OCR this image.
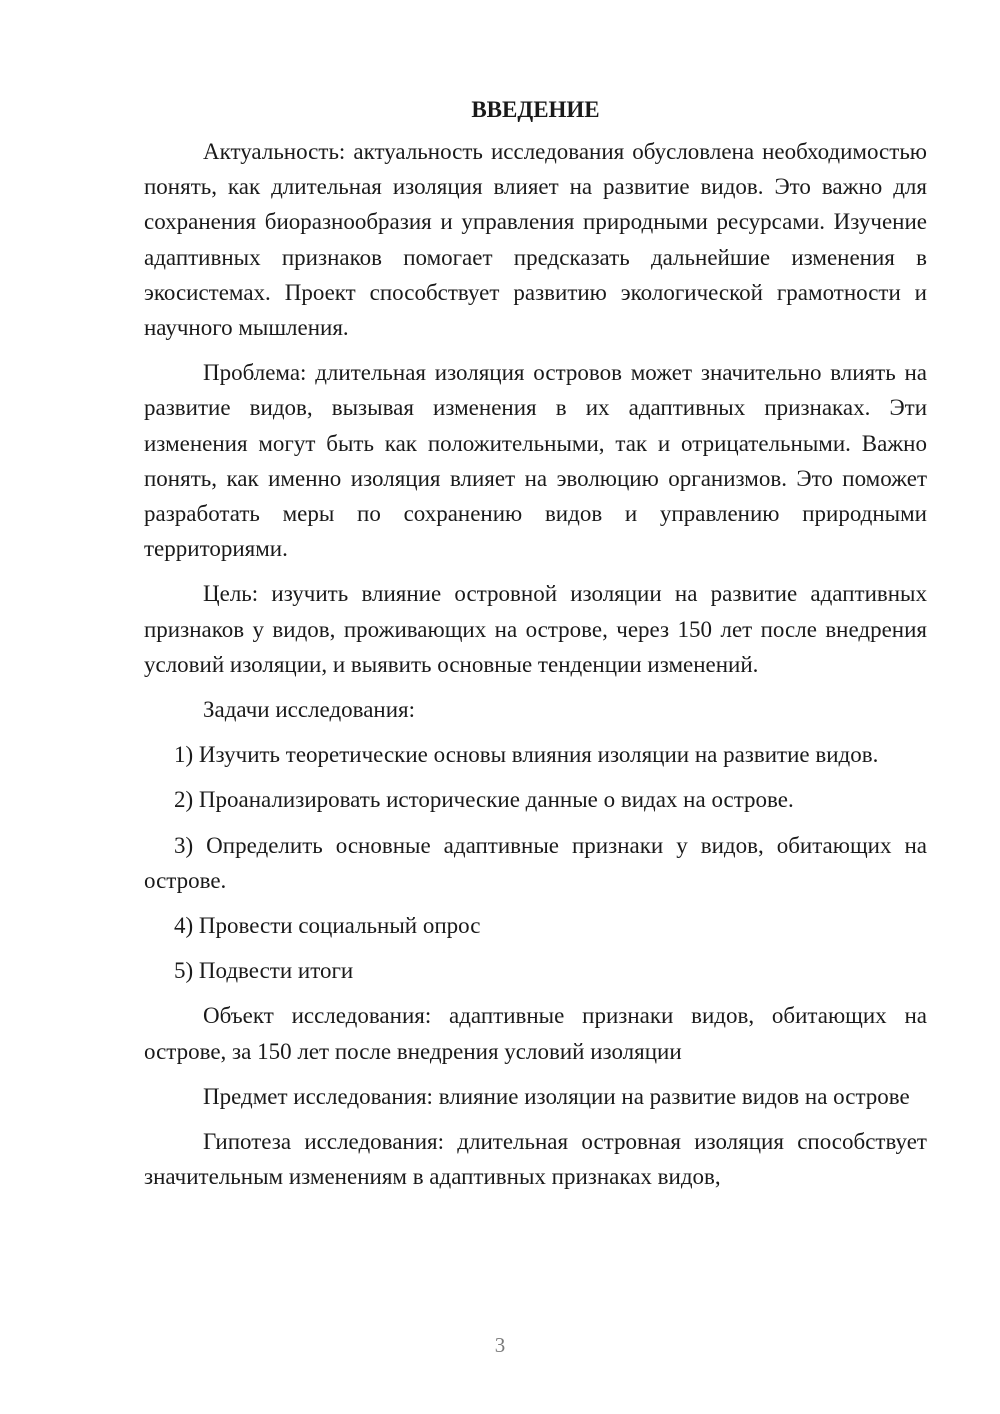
ВВЕДЕНИЕ

Актуальность: актуальность исследования обусловлена необходимостью понять, как длительная изоляция влияет на развитие видов. Это важно для сохранения биоразнообразия и управления природными ресурсами. Изучение адаптивных признаков помогает предсказать дальнейшие изменения в экосистемах. Проект способствует развитию экологической грамотности и научного мышления.

Проблема: длительная изоляция островов может значительно влиять на развитие видов, вызывая изменения в их адаптивных признаках. Эти изменения могут быть как положительными, так и отрицательными. Важно понять, как именно изоляция влияет на эволюцию организмов. Это поможет разработать меры по сохранению видов и управлению природными территориями.

Цель: изучить влияние островной изоляции на развитие адаптивных признаков у видов, проживающих на острове, через 150 лет после внедрения условий изоляции, и выявить основные тенденции изменений.

Задачи исследования:

1) Изучить теоретические основы влияния изоляции на развитие видов.

2) Проанализировать исторические данные о видах на острове.

3) Определить основные адаптивные признаки у видов, обитающих на острове.

4) Провести социальный опрос

5) Подвести итоги

Объект исследования: адаптивные признаки видов, обитающих на острове, за 150 лет после внедрения условий изоляции

Предмет исследования: влияние изоляции на развитие видов на острове

Гипотеза исследования: длительная островная изоляция способствует значительным изменениям в адаптивных признаках видов,

3
